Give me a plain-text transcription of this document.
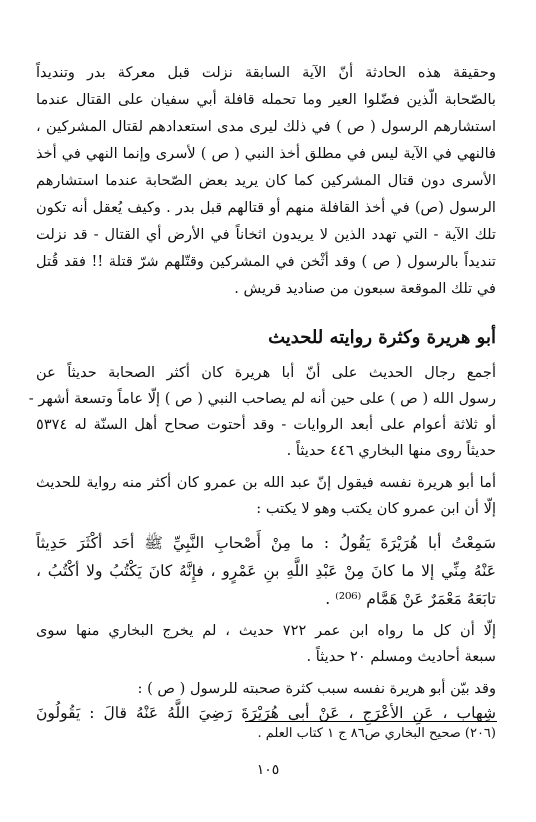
وحقيقة هذه الحادثة أنّ الآية السابقة نزلت قبل معركة بدر وتنديداً
بالصّحابة الّذين فضّلوا العير وما تحمله قافلة أبي سفيان على القتال عندما
استشارهم الرسول ( ص ) في ذلك ليرى مدى استعدادهم لقتال المشركين ،
فالنهي في الآية ليس في مطلق أخذ النبي ( ص ) لأسرى وإنما النهي في أخذ
الأسرى دون قتال المشركين كما كان يريد بعض الصّحابة عندما استشارهم
الرسول (ص) في أخذ القافلة منهم أو قتالهم قبل بدر . وكيف يُعقل أنه تكون
تلك الآية - التي تهدد الذين لا يريدون اثخاناً في الأرض أي القتال - قد نزلت
تنديداً بالرسول ( ص ) وقد أثْخن في المشركين وقتّلهم شرّ قتلة !! فقد قُتل
في تلك الموقعة سبعون من صناديد قريش .
أبو هريرة وكثرة روايته للحديث
أجمع رجال الحديث على أنّ أبا هريرة كان أكثر الصحابة حديثاً عن
رسول الله ( ص ) على حين أنه لم يصاحب النبي ( ص ) إلّا عاماً وتسعة أشهر -
أو ثلاثة أعوام على أبعد الروايات - وقد أحتوت صحاح أهل السنّة له ٥٣٧٤
حديثاً روى منها البخاري ٤٤٦ حديثاً .
أما أبو هريرة نفسه فيقول إنّ عبد الله بن عمرو كان أكثر منه رواية للحديث
إلّا أن ابن عمرو كان يكتب وهو لا يكتب :
سَمِعْتُ أبا هُرَيْرَةَ يَقُولُ : ما مِنْ أَصْحابِ النَّبِيِّ ﷺ أحَد أكْثَرَ حَدِيثاً
عَنْهُ مِنِّي إلا ما كانَ مِنْ عَبْدِ اللَّهِ بنِ عَمْرٍو ، فإِنَّهُ كانَ يَكْتُبُ ولا أكْتُبُ ،
تابَعَهُ مَعْمَرٌ عَنْ هَمَّام ⁽²⁰⁶⁾ .
إلّا أن كل ما رواه ابن عمر ٧٢٢ حديث ، لم يخرج البخاري منها سوى
سبعة أحاديث ومسلم ٢٠ حديثاً .
وقد بيّن أبو هريرة نفسه سبب كثرة صحبته للرسول ( ص ) :
شِهاب ، عَنِ الأعْرَجِ ، عَنْ أبي هُرَيْرَةَ رَضِيَ اللَّهُ عَنْهُ قالَ : يَقُولُونَ
(٢٠٦) صحيح البخاري ص٨٦ ج ١ كتاب العلم .
١٠٥
